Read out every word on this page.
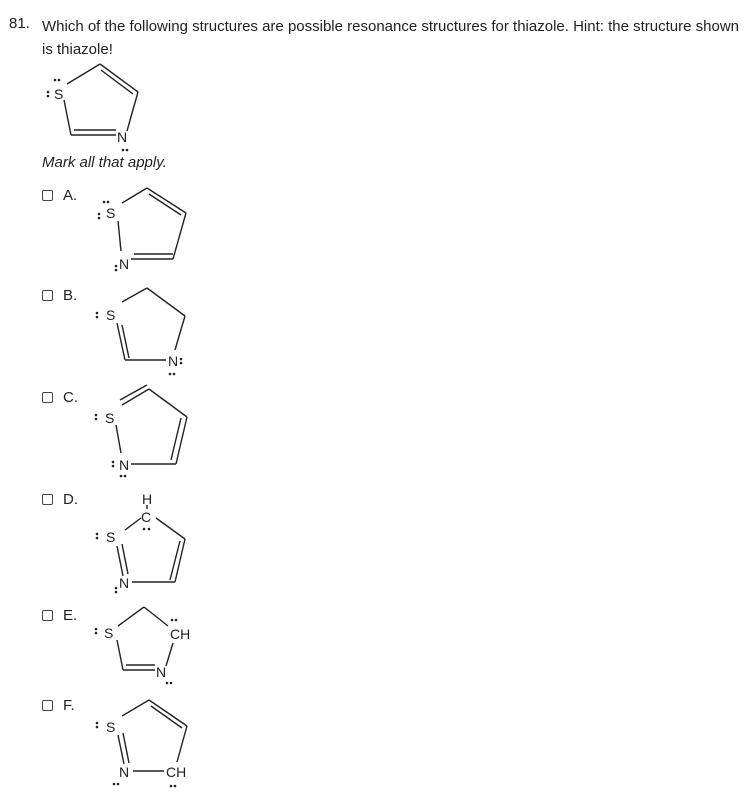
81. Which of the following structures are possible resonance structures for thiazole. Hint: the structure shown is thiazole!
S
N
Mark all that apply.
A.
S
N
B.
S
N
C.
S
N
D.	H
C
S
N
E.
S	CH
N
F.
S
N	CH
